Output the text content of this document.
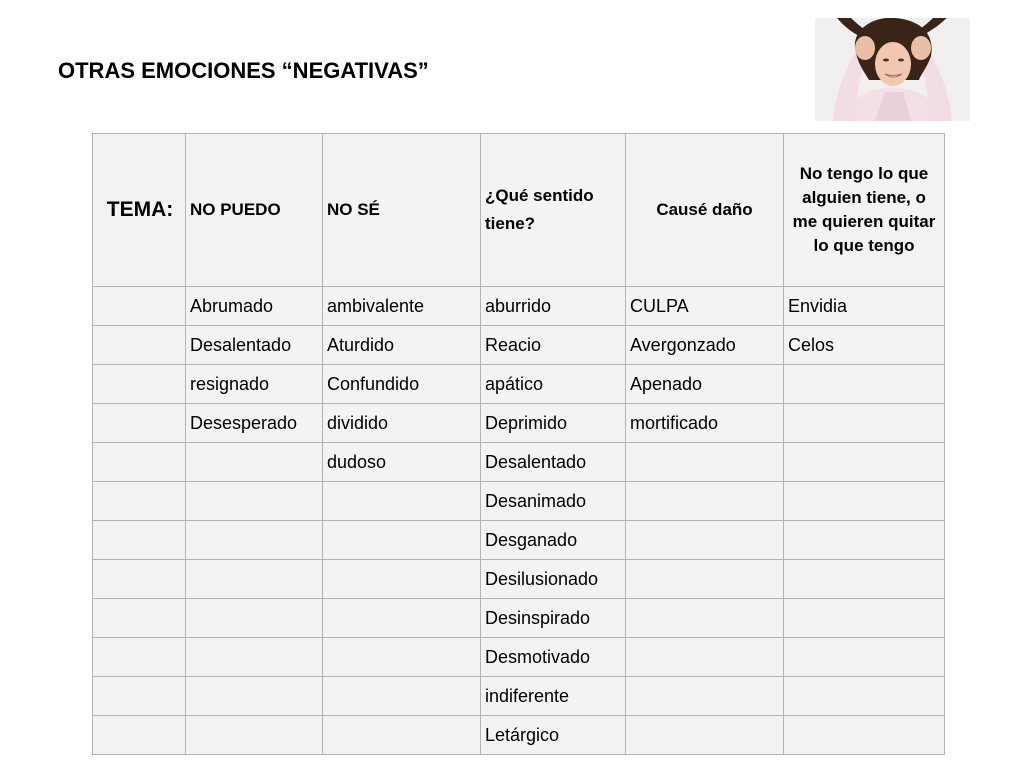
OTRAS EMOCIONES “NEGATIVAS”
TEMA:	NO PUEDO	NO SÉ	¿Qué sentido tiene?	Causé daño	No tengo lo que alguien tiene, o me quieren quitar lo que tengo
	Abrumado	ambivalente	aburrido	CULPA	Envidia
	Desalentado	Aturdido	Reacio	Avergonzado	Celos
	resignado	Confundido	apático	Apenado	
	Desesperado	dividido	Deprimido	mortificado	
		dudoso	Desalentado		
			Desanimado		
			Desganado		
			Desilusionado		
			Desinspirado		
			Desmotivado		
			indiferente		
			Letárgico		
